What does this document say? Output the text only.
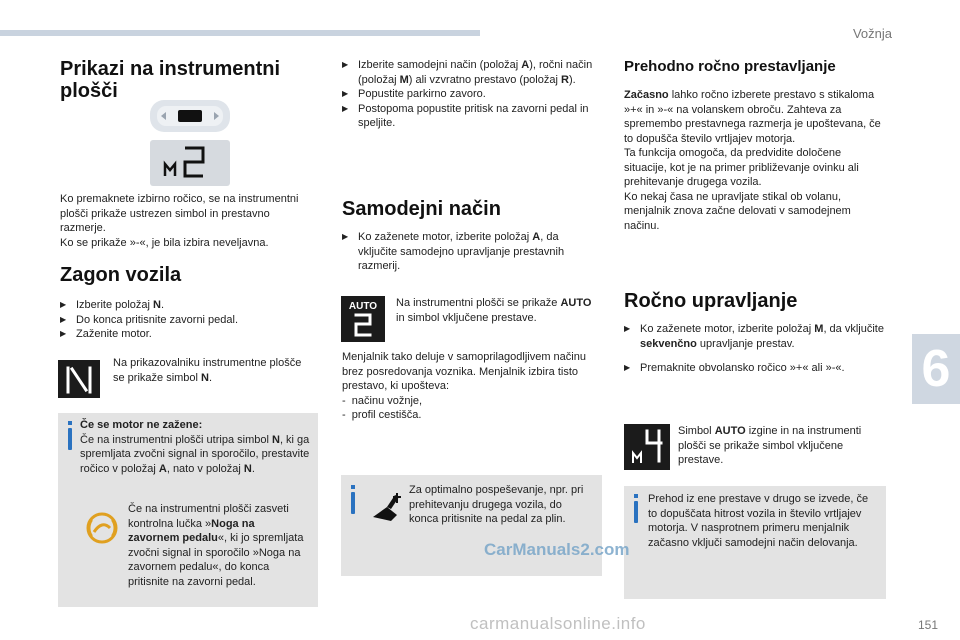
Vožnja
6
Prikazi na instrumentni
plošči

Ko premaknete izbirno ročico, se na instrumentni plošči prikaže ustrezen simbol in prestavno razmerje.

Ko se prikaže »-«, je bila izbira neveljavna.

Zagon vozila

▶ Izberite položaj N.

▶ Do konca pritisnite zavorni pedal.

▶ Zaženite motor.

Na prikazovalniku instrumentne plošče se prikaže simbol N.

Če se motor ne zažene:

Če na instrumentni plošči utripa simbol N, ki ga spremljata zvočni signal in sporočilo, prestavite ročico v položaj A, nato v položaj N.

Če na instrumentni plošči zasveti kontrolna lučka »Noga na zavornem pedalu«, ki jo spremljata zvočni signal in sporočilo »Noga na zavornem pedalu«, do konca pritisnite na zavorni pedal.

▶ Izberite samodejni način (položaj A), ročni način (položaj M) ali vzvratno prestavo (položaj R).

▶ Popustite parkirno zavoro.

▶ Postopoma popustite pritisk na zavorni pedal in speljite.

Samodejni način

▶ Ko zaženete motor, izberite položaj A, da vključite samodejno upravljanje prestavnih razmerij.

AUTO Na instrumentni plošči se prikaže AUTO in simbol vključene prestave.

Menjalnik tako deluje v samoprilagodljivem načinu brez posredovanja voznika. Menjalnik izbira tisto prestavo, ki upošteva:

-  načinu vožnje,

-  profil cestišča.

Za optimalno pospeševanje, npr. pri prehitevanju drugega vozila, do konca pritisnite na pedal za plin.

Prehodno ročno prestavljanje

Začasno lahko ročno izberete prestavo s stikaloma »+« in »-« na volanskem obroču. Zahteva za spremembo prestavnega razmerja je upoštevana, če to dopušča število vrtljajev motorja.

Ta funkcija omogoča, da predvidite določene situacije, kot je na primer približevanje ovinku ali prehitevanje drugega vozila.

Ko nekaj časa ne upravljate stikal ob volanu, menjalnik znova začne delovati v samodejnem načinu.

Ročno upravljanje

▶ Ko zaženete motor, izberite položaj M, da vključite sekvenčno upravljanje prestav.

▶ Premaknite obvolansko ročico »+« ali »-«.

Simbol AUTO izgine in na instrumenti plošči se prikaže simbol vključene prestave.

Prehod iz ene prestave v drugo se izvede, če to dopuščata hitrost vozila in število vrtljajev motorja. V nasprotnem primeru menjalnik začasno vključi samodejni način delovanja.

CarManuals2.com
carmanualsonline.info	151
